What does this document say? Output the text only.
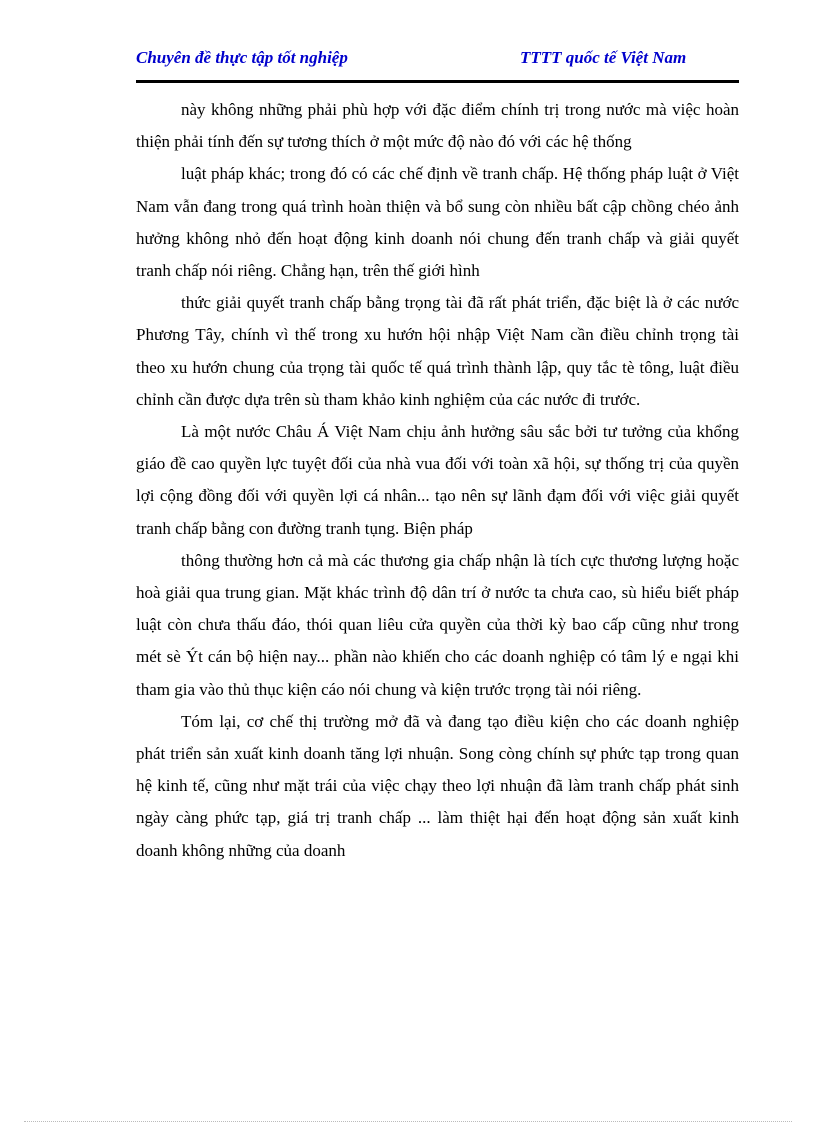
Chuyên đề thực tập tốt nghiệp	TTTT quốc tế Việt Nam

này không những phải phù hợp với đặc điểm chính trị trong nước mà việc hoàn thiện phải tính đến sự tương thích ở một mức độ nào đó với các hệ thống

luật pháp khác; trong đó có các chế định về tranh chấp. Hệ thống pháp luật ở Việt Nam vẫn đang trong quá trình hoàn thiện và bổ sung còn nhiều bất cập chồng chéo ảnh hưởng không nhỏ đến hoạt động kinh doanh nói chung đến tranh chấp và giải quyết tranh chấp nói riêng. Chẳng hạn, trên thế giới hình

thức giải quyết tranh chấp bằng trọng tài đã rất phát triển, đặc biệt là ở các nước Phương Tây, chính vì thế trong xu hướn hội nhập Việt Nam cần điều chỉnh trọng tài theo xu hướn chung của trọng tài quốc tế quá trình thành lập, quy tắc tè tông, luật điều chỉnh cần được dựa trên sù tham khảo kinh nghiệm của các nước đi trước.

Là một nước Châu Á Việt Nam chịu ảnh hưởng sâu sắc bởi tư tưởng của khổng giáo đề cao quyền lực tuyệt đối của nhà vua đối với toàn xã hội, sự thống trị của quyền lợi cộng đồng đối với quyền lợi cá nhân... tạo nên sự lãnh đạm đối với việc giải quyết tranh chấp bằng con đường tranh tụng. Biện pháp

thông thường hơn cả mà các thương gia chấp nhận là tích cực thương lượng hoặc hoà giải qua trung gian. Mặt khác trình độ dân trí ở nước ta chưa cao, sù hiểu biết pháp luật còn chưa thấu đáo, thói quan liêu cửa quyền của thời kỳ bao cấp cũng như trong mét sè Ýt cán bộ hiện nay... phần nào khiến cho các doanh nghiệp có tâm lý e ngại khi tham gia vào thủ thục kiện cáo nói chung và kiện trước trọng tài nói riêng.

Tóm lại, cơ chế thị trường mở đã và đang tạo điều kiện cho các doanh nghiệp phát triển sản xuất kinh doanh tăng lợi nhuận. Song còng chính sự phức tạp trong quan hệ kinh tế, cũng như mặt trái của việc chạy theo lợi nhuận đã làm tranh chấp phát sinh ngày càng phức tạp, giá trị tranh chấp ... làm thiệt hại đến hoạt động sản xuất kinh doanh không những của doanh
